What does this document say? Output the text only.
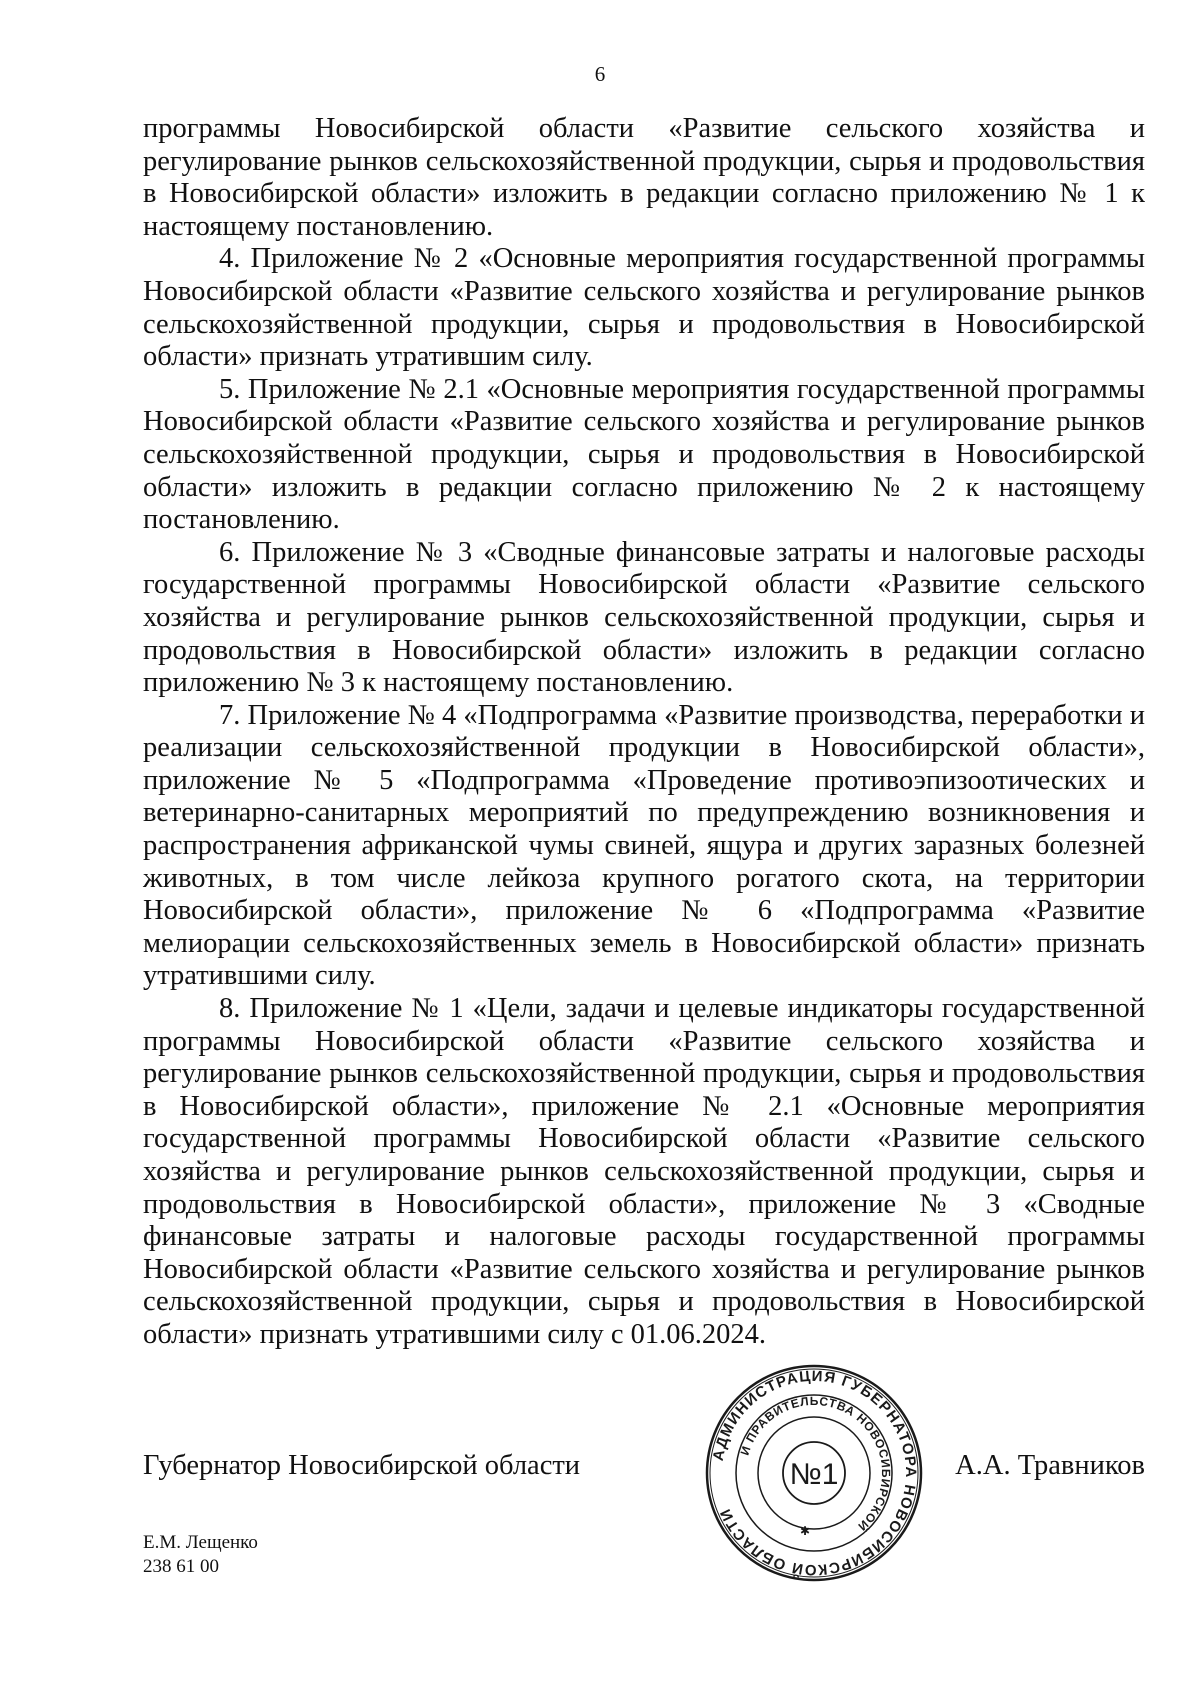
6

программы Новосибирской области «Развитие сельского хозяйства и регулирование рынков сельскохозяйственной продукции, сырья и продовольствия в Новосибирской области» изложить в редакции согласно приложению № 1 к настоящему постановлению.

4. Приложение № 2 «Основные мероприятия государственной программы Новосибирской области «Развитие сельского хозяйства и регулирование рынков сельскохозяйственной продукции, сырья и продовольствия в Новосибирской области» признать утратившим силу.

5. Приложение № 2.1 «Основные мероприятия государственной программы Новосибирской области «Развитие сельского хозяйства и регулирование рынков сельскохозяйственной продукции, сырья и продовольствия в Новосибирской области» изложить в редакции согласно приложению № 2 к настоящему постановлению.

6. Приложение № 3 «Сводные финансовые затраты и налоговые расходы государственной программы Новосибирской области «Развитие сельского хозяйства и регулирование рынков сельскохозяйственной продукции, сырья и продовольствия в Новосибирской области» изложить в редакции согласно приложению № 3 к настоящему постановлению.

7. Приложение № 4 «Подпрограмма «Развитие производства, переработки и реализации сельскохозяйственной продукции в Новосибирской области», приложение № 5 «Подпрограмма «Проведение противоэпизоотических и ветеринарно-санитарных мероприятий по предупреждению возникновения и распространения африканской чумы свиней, ящура и других заразных болезней животных, в том числе лейкоза крупного рогатого скота, на территории Новосибирской области», приложение № 6 «Подпрограмма «Развитие мелиорации сельскохозяйственных земель в Новосибирской области» признать утратившими силу.

8. Приложение № 1 «Цели, задачи и целевые индикаторы государственной программы Новосибирской области «Развитие сельского хозяйства и регулирование рынков сельскохозяйственной продукции, сырья и продовольствия в Новосибирской области», приложение № 2.1 «Основные мероприятия государственной программы Новосибирской области «Развитие сельского хозяйства и регулирование рынков сельскохозяйственной продукции, сырья и продовольствия в Новосибирской области», приложение № 3 «Сводные финансовые затраты и налоговые расходы государственной программы Новосибирской области «Развитие сельского хозяйства и регулирование рынков сельскохозяйственной продукции, сырья и продовольствия в Новосибирской области» признать утратившими силу с 01.06.2024.

Губернатор Новосибирской области	А.А. Травников
АДМИНИСТРАЦИЯ ГУБЕРНАТОРА НОВОСИБИРСКОЙ ОБЛАСТИ
И ПРАВИТЕЛЬСТВА НОВОСИБИРСКОЙ
№1
✱
Е.М. Лещенко
238 61 00
